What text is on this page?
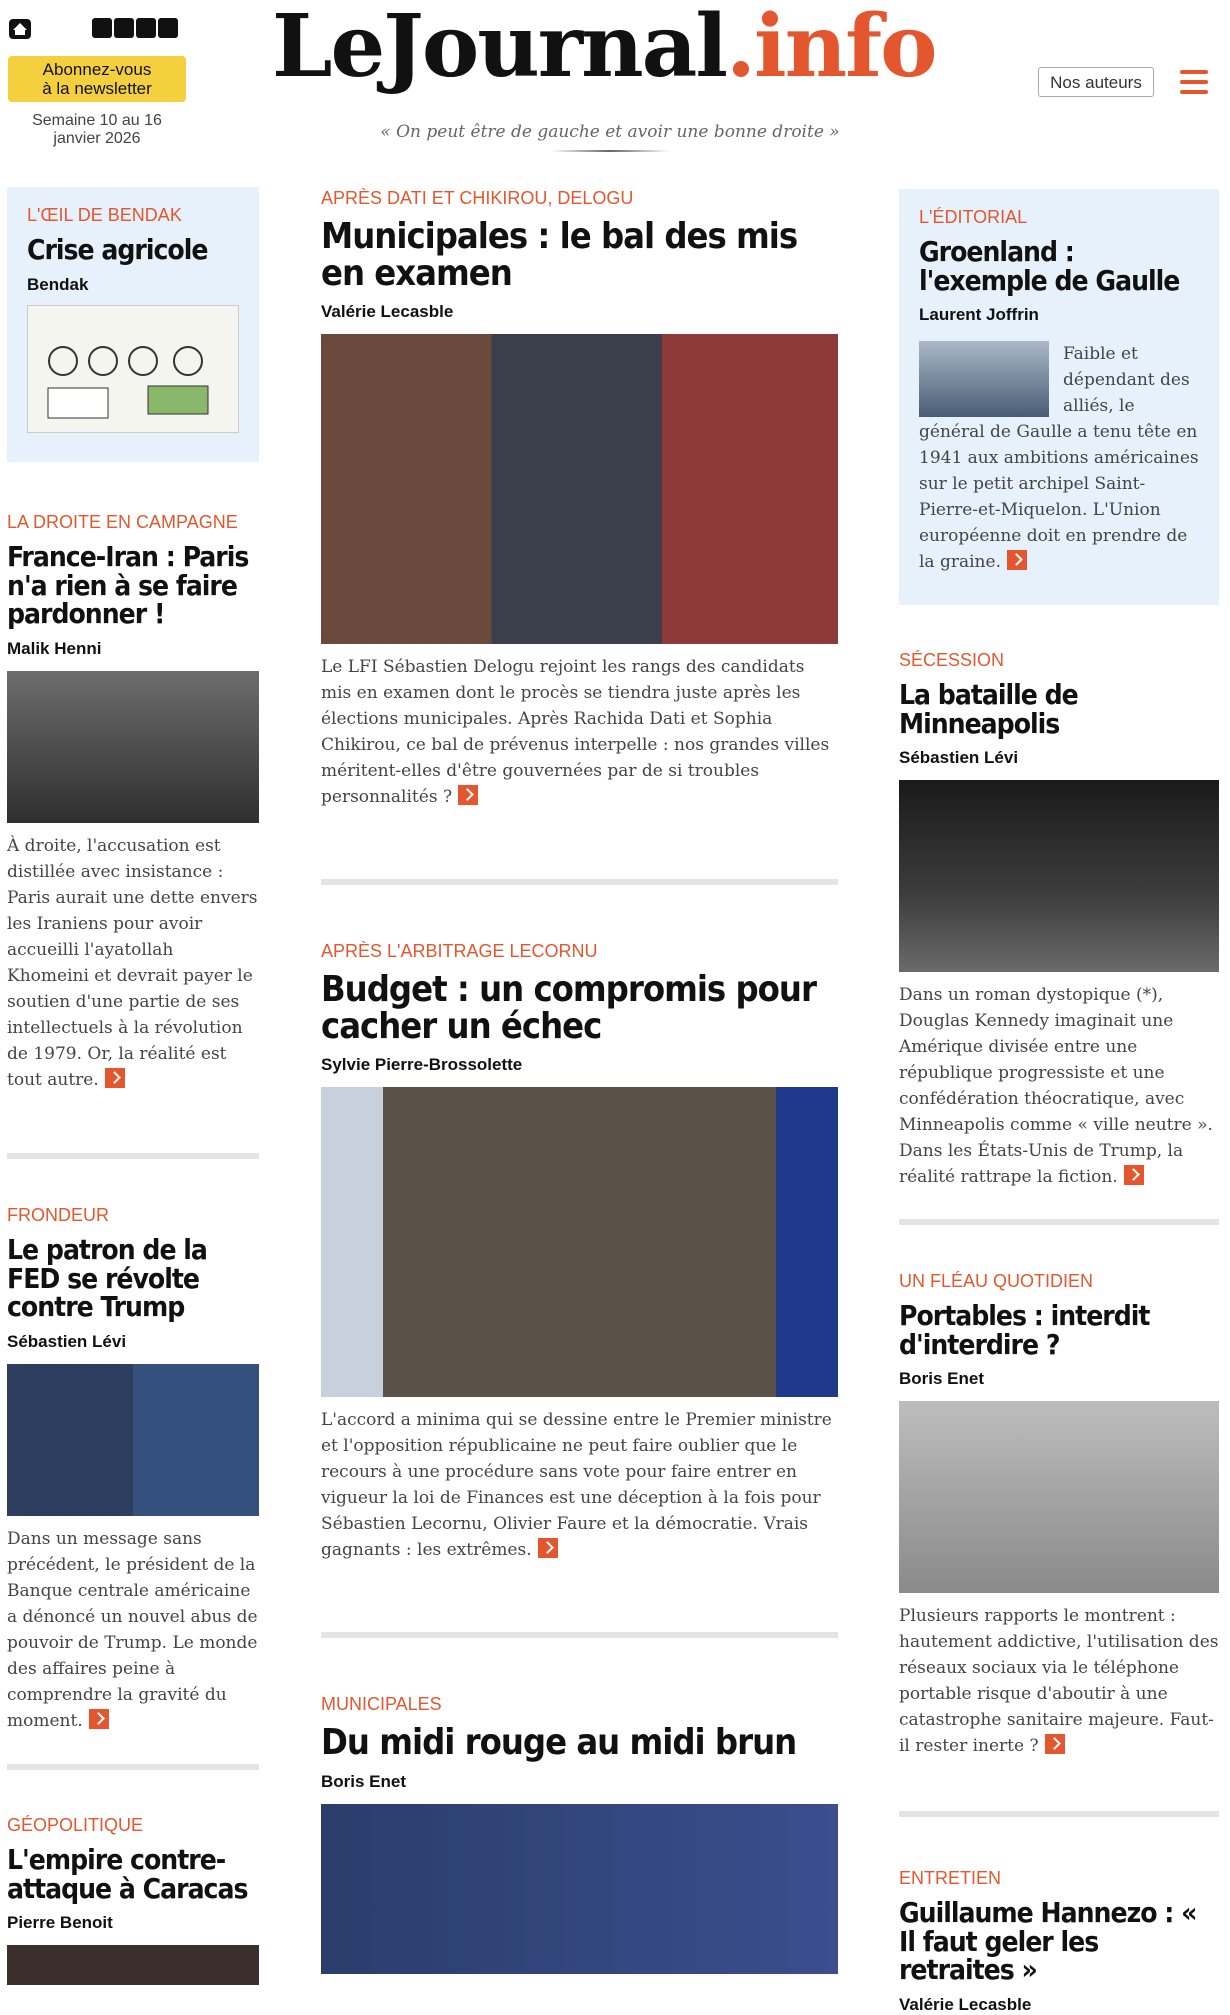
Abonnez-vous
à la newsletter
Semaine 10 au 16
janvier 2026
LeJournal.info
« On peut être de gauche et avoir une bonne droite »
Nos auteurs

L'ŒIL DE BENDAK

Crise agricole

Bendak

LA DROITE EN CAMPAGNE

France-Iran : Paris n'a rien à se faire pardonner !

Malik Henni

À droite, l'accusation est distillée avec insistance : Paris aurait une dette envers les Iraniens pour avoir accueilli l'ayatollah Khomeini et devrait payer le soutien d'une partie de ses intellectuels à la révolution de 1979. Or, la réalité est tout autre.

FRONDEUR

Le patron de la FED se révolte contre Trump

Sébastien Lévi

Dans un message sans précédent, le président de la Banque centrale américaine a dénoncé un nouvel abus de pouvoir de Trump. Le monde des affaires peine à comprendre la gravité du moment.

GÉOPOLITIQUE

L'empire contre-attaque à Caracas

Pierre Benoit

APRÈS DATI ET CHIKIROU, DELOGU

Municipales : le bal des mis en examen

Valérie Lecasble

Le LFI Sébastien Delogu rejoint les rangs des candidats mis en examen dont le procès se tiendra juste après les élections municipales. Après Rachida Dati et Sophia Chikirou, ce bal de prévenus interpelle : nos grandes villes méritent-elles d'être gouvernées par de si troubles personnalités ?

APRÈS L'ARBITRAGE LECORNU

Budget : un compromis pour cacher un échec

Sylvie Pierre-Brossolette

L'accord a minima qui se dessine entre le Premier ministre et l'opposition républicaine ne peut faire oublier que le recours à une procédure sans vote pour faire entrer en vigueur la loi de Finances est une déception à la fois pour Sébastien Lecornu, Olivier Faure et la démocratie. Vrais gagnants : les extrêmes.

MUNICIPALES

Du midi rouge au midi brun

Boris Enet

L'ÉDITORIAL

Groenland : l'exemple de Gaulle

Laurent Joffrin

Faible et dépendant des alliés, le général de Gaulle a tenu tête en 1941 aux ambitions américaines sur le petit archipel Saint-Pierre-et-Miquelon. L'Union européenne doit en prendre de la graine.

SÉCESSION

La bataille de Minneapolis

Sébastien Lévi

Dans un roman dystopique (*), Douglas Kennedy imaginait une Amérique divisée entre une république progressiste et une confédération théocratique, avec Minneapolis comme « ville neutre ». Dans les États-Unis de Trump, la réalité rattrape la fiction.

UN FLÉAU QUOTIDIEN

Portables : interdit d'interdire ?

Boris Enet

Plusieurs rapports le montrent : hautement addictive, l'utilisation des réseaux sociaux via le téléphone portable risque d'aboutir à une catastrophe sanitaire majeure. Faut-il rester inerte ?

ENTRETIEN

Guillaume Hannezo : « Il faut geler les retraites »

Valérie Lecasble
